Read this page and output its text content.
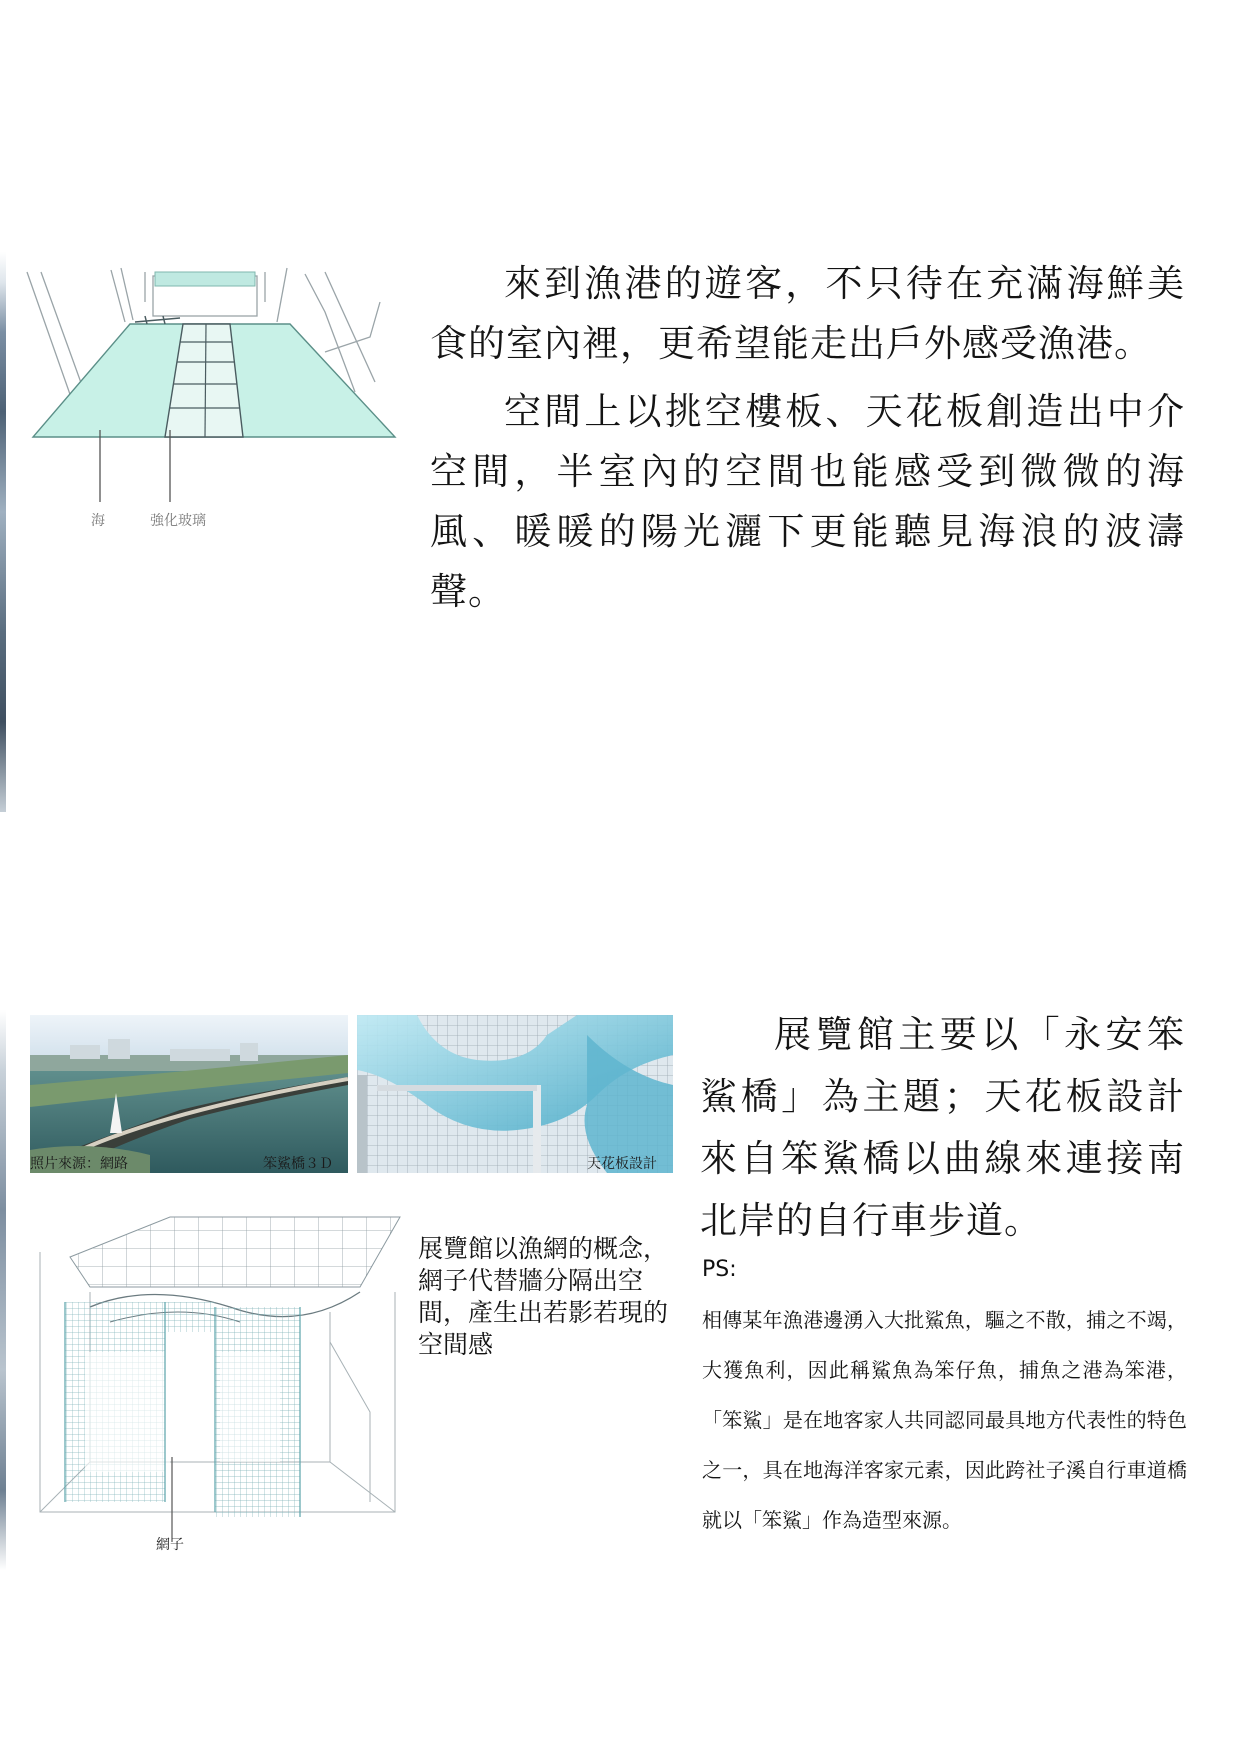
海	強化玻璃

來到漁港的遊客，不只待在充滿海鮮美食的室內裡，更希望能走出戶外感受漁港。

空間上以挑空樓板、天花板創造出中介空間，半室內的空間也能感受到微微的海風、暖暖的陽光灑下更能聽見海浪的波濤聲。

照片來源：網路	笨鯊橋３Ｄ	天花板設計
網子
展覽館以漁網的概念，網子代替牆分隔出空間，產生出若影若現的空間感

展覽館主要以「永安笨鯊橋」為主題；天花板設計來自笨鯊橋以曲線來連接南北岸的自行車步道。

PS:
相傳某年漁港邊湧入大批鯊魚，驅之不散，捕之不竭，大獲魚利，因此稱鯊魚為笨仔魚，捕魚之港為笨港，「笨鯊」是在地客家人共同認同最具地方代表性的特色之一，具在地海洋客家元素，因此跨社子溪自行車道橋就以「笨鯊」作為造型來源。
